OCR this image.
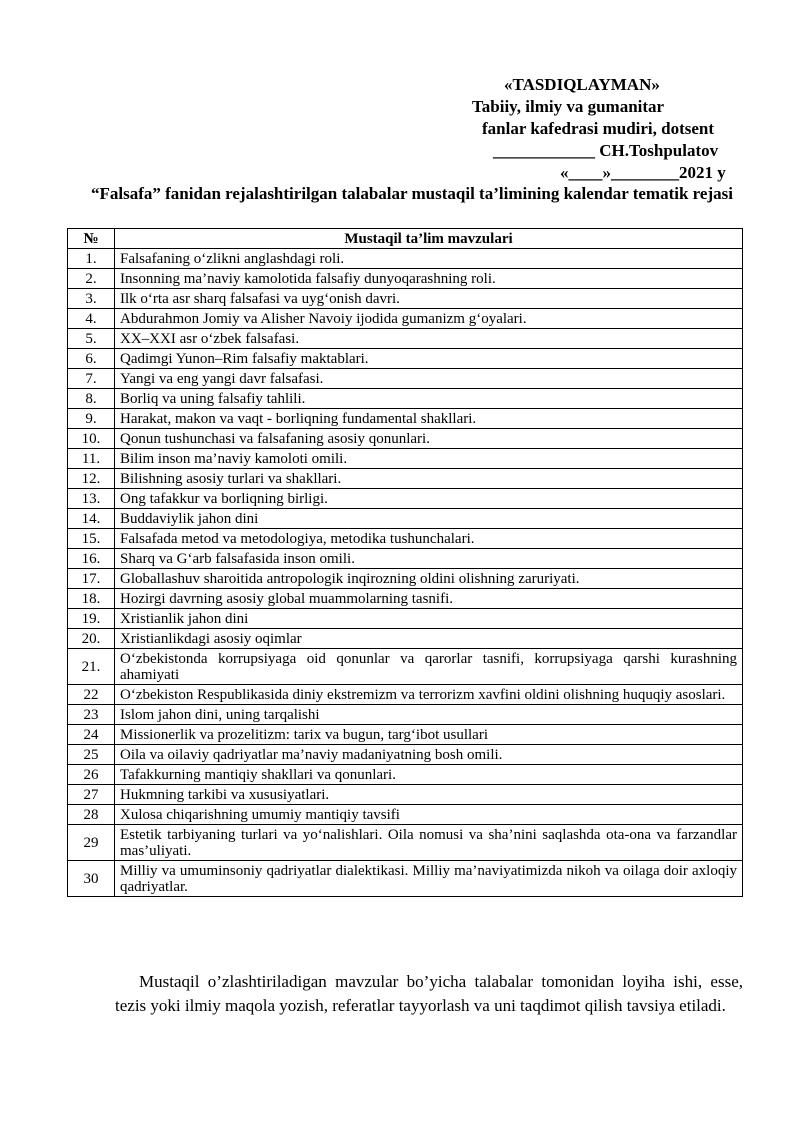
«TASDIQLAYMAN»
Tabiiy, ilmiy va gumanitar
fanlar kafedrasi mudiri, dotsent
____________ CH.Toshpulatov
«____»________2021 y
“Falsafa” fanidan rejalashtirilgan talabalar mustaqil ta’limining kalendar tematik rejasi
№	Mustaqil ta’lim mavzulari
1.	Falsafaning o‘zlikni anglashdagi roli.
2.	Insonning ma’naviy kamolotida falsafiy dunyoqarashning roli.
3.	Ilk o‘rta asr sharq falsafasi va uyg‘onish davri.
4.	Abdurahmon Jomiy va Alisher Navoiy ijodida gumanizm g‘oyalari.
5.	XX–XXI asr o‘zbek falsafasi.
6.	Qadimgi Yunon–Rim falsafiy maktablari.
7.	Yangi va eng yangi davr falsafasi.
8.	Borliq va uning falsafiy tahlili.
9.	Harakat, makon va vaqt - borliqning fundamental shakllari.
10.	Qonun tushunchasi va falsafaning asosiy qonunlari.
11.	Bilim inson ma’naviy kamoloti omili.
12.	Bilishning asosiy turlari va shakllari.
13.	Ong tafakkur va borliqning birligi.
14.	Buddaviylik jahon dini
15.	Falsafada metod va metodologiya, metodika tushunchalari.
16.	Sharq va G‘arb falsafasida inson omili.
17.	Globallashuv sharoitida antropologik inqirozning oldini olishning zaruriyati.
18.	Hozirgi davrning asosiy global muammolarning tasnifi.
19.	Xristianlik jahon dini
20.	Xristianlikdagi asosiy oqimlar
21.	O‘zbekistonda korrupsiyaga oid qonunlar va qarorlar tasnifi, korrupsiyaga qarshi kurashning ahamiyati
22	O‘zbekiston Respublikasida diniy ekstremizm va terrorizm xavfini oldini olishning huquqiy asoslari.
23	Islom jahon dini, uning tarqalishi
24	Missionerlik va prozelitizm: tarix va bugun, targ‘ibot usullari
25	Oila va oilaviy qadriyatlar ma’naviy madaniyatning bosh omili.
26	Tafakkurning mantiqiy shakllari va qonunlari.
27	Hukmning tarkibi va xususiyatlari.
28	Xulosa chiqarishning umumiy mantiqiy tavsifi
29	Estetik tarbiyaning turlari va yo‘nalishlari. Oila nomusi va sha’nini saqlashda ota-ona va farzandlar mas’uliyati.
30	Milliy va umuminsoniy qadriyatlar dialektikasi. Milliy ma’naviyatimizda nikoh va oilaga doir axloqiy qadriyatlar.
Mustaqil o’zlashtiriladigan mavzular bo’yicha talabalar tomonidan loyiha ishi, esse, tezis yoki ilmiy maqola yozish, referatlar tayyorlash va uni taqdimot qilish tavsiya etiladi.
